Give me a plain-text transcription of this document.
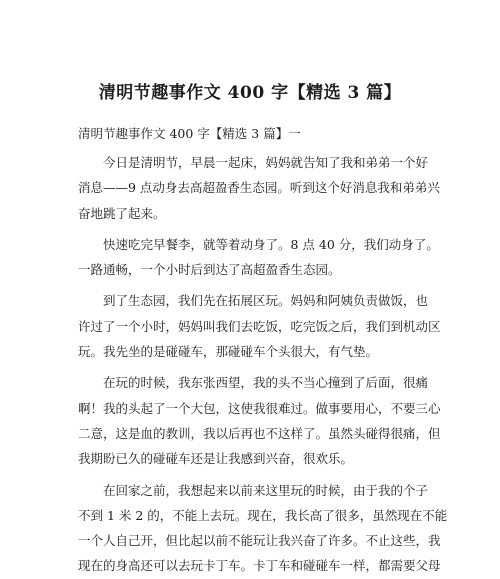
清明节趣事作文 400 字【精选 3 篇】
清明节趣事作文 400 字【精选 3 篇】一
今日是清明节，早晨一起床，妈妈就告知了我和弟弟一个好
消息——9 点动身去高超盈香生态园。听到这个好消息我和弟弟兴
奋地跳了起来。
快速吃完早餐李，就等着动身了。8 点 40 分，我们动身了。
一路通畅，一个小时后到达了高超盈香生态园。
到了生态园，我们先在拓展区玩。妈妈和阿姨负责做饭，也
许过了一个小时，妈妈叫我们去吃饭，吃完饭之后，我们到机动区
玩。我先坐的是碰碰车，那碰碰车个头很大，有气垫。
在玩的时候，我东张西望，我的头不当心撞到了后面，很痛
啊！我的头起了一个大包，这使我很难过。做事要用心，不要三心
二意，这是血的教训，我以后再也不这样了。虽然头碰得很痛，但
我期盼已久的碰碰车还是让我感到兴奋，很欢乐。
在回家之前，我想起来以前来这里玩的时候，由于我的个子
不到 1 米 2 的，不能上去玩。现在，我长高了很多，虽然现在不能
一个人自己开，但比起以前不能玩让我兴奋了许多。不止这些，我
现在的身高还可以去玩卡丁车。卡丁车和碰碰车一样，都需要父母
